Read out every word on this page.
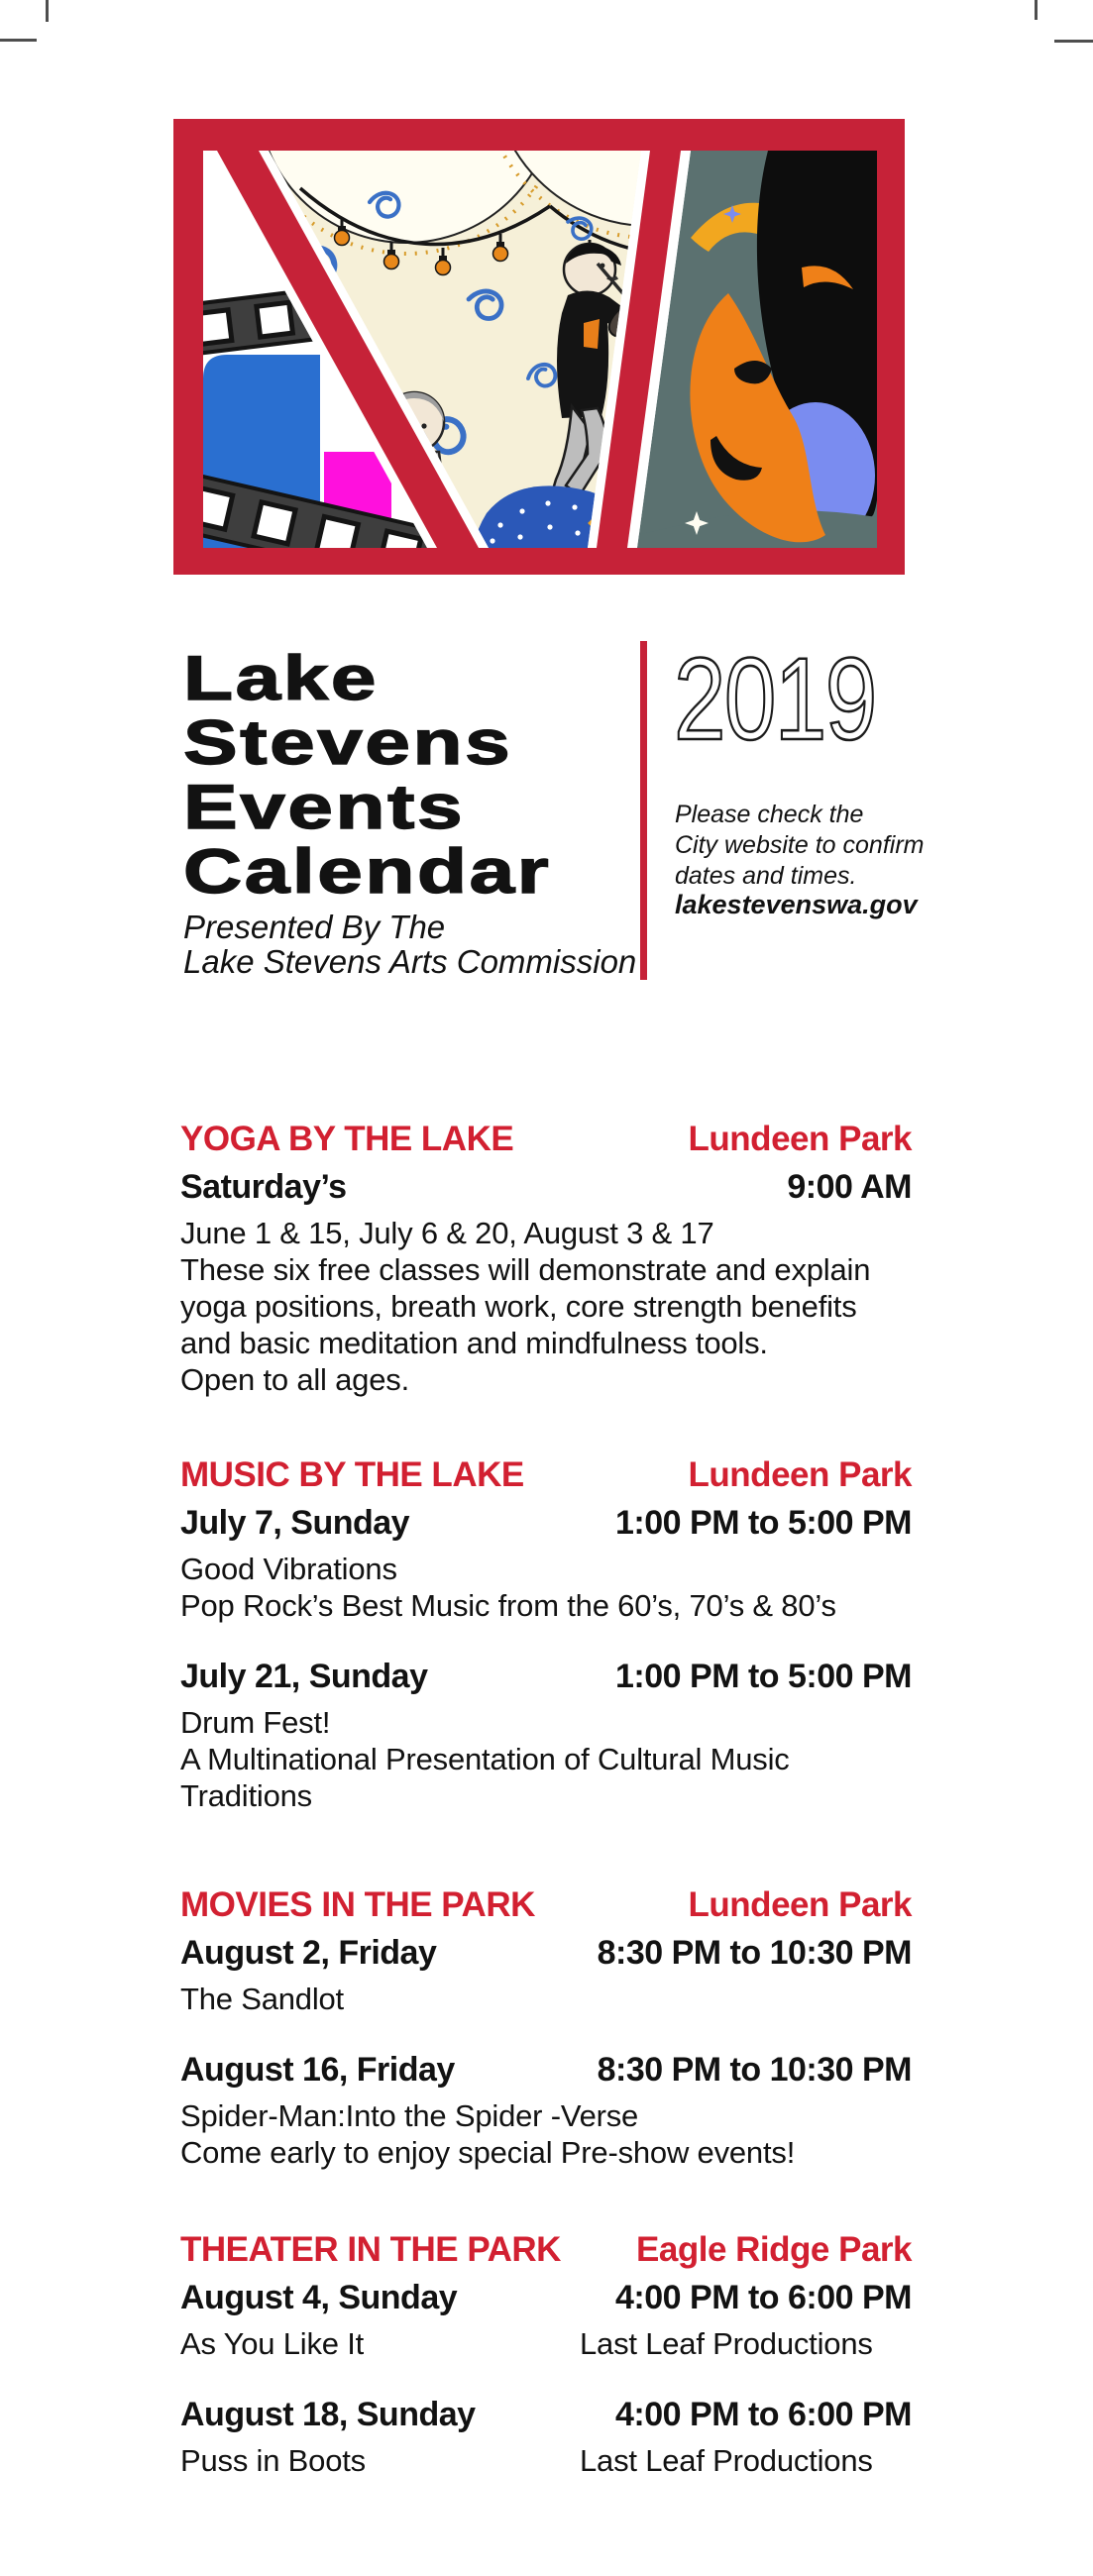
Lake
Stevens
Events
Calendar
Presented By The
Lake Stevens Arts Commission
2019
Please check the
City website to confirm
dates and times.
lakestevenswa.gov
YOGA BY THE LAKE	Lundeen Park
Saturday’s	9:00 AM
June 1 & 15, July 6 & 20, August 3 & 17
These six free classes will demonstrate and explain
yoga positions, breath work, core strength benefits
and basic meditation and mindfulness tools.
Open to all ages.
MUSIC BY THE LAKE	Lundeen Park
July 7, Sunday	1:00 PM to 5:00 PM
Good Vibrations
Pop Rock’s Best Music from the 60’s, 70’s & 80’s
July 21, Sunday	1:00 PM to 5:00 PM
Drum Fest!
A Multinational Presentation of Cultural Music
Traditions
MOVIES IN THE PARK	Lundeen Park
August 2, Friday	8:30 PM to 10:30 PM
The Sandlot
August 16, Friday	8:30 PM to 10:30 PM
Spider-Man:Into the Spider -Verse
Come early to enjoy special Pre-show events!
THEATER IN THE PARK Eagle Ridge Park
August 4, Sunday	4:00 PM to 6:00 PM
As You Like It	Last Leaf Productions
August 18, Sunday	4:00 PM to 6:00 PM
Puss in Boots	Last Leaf Productions
